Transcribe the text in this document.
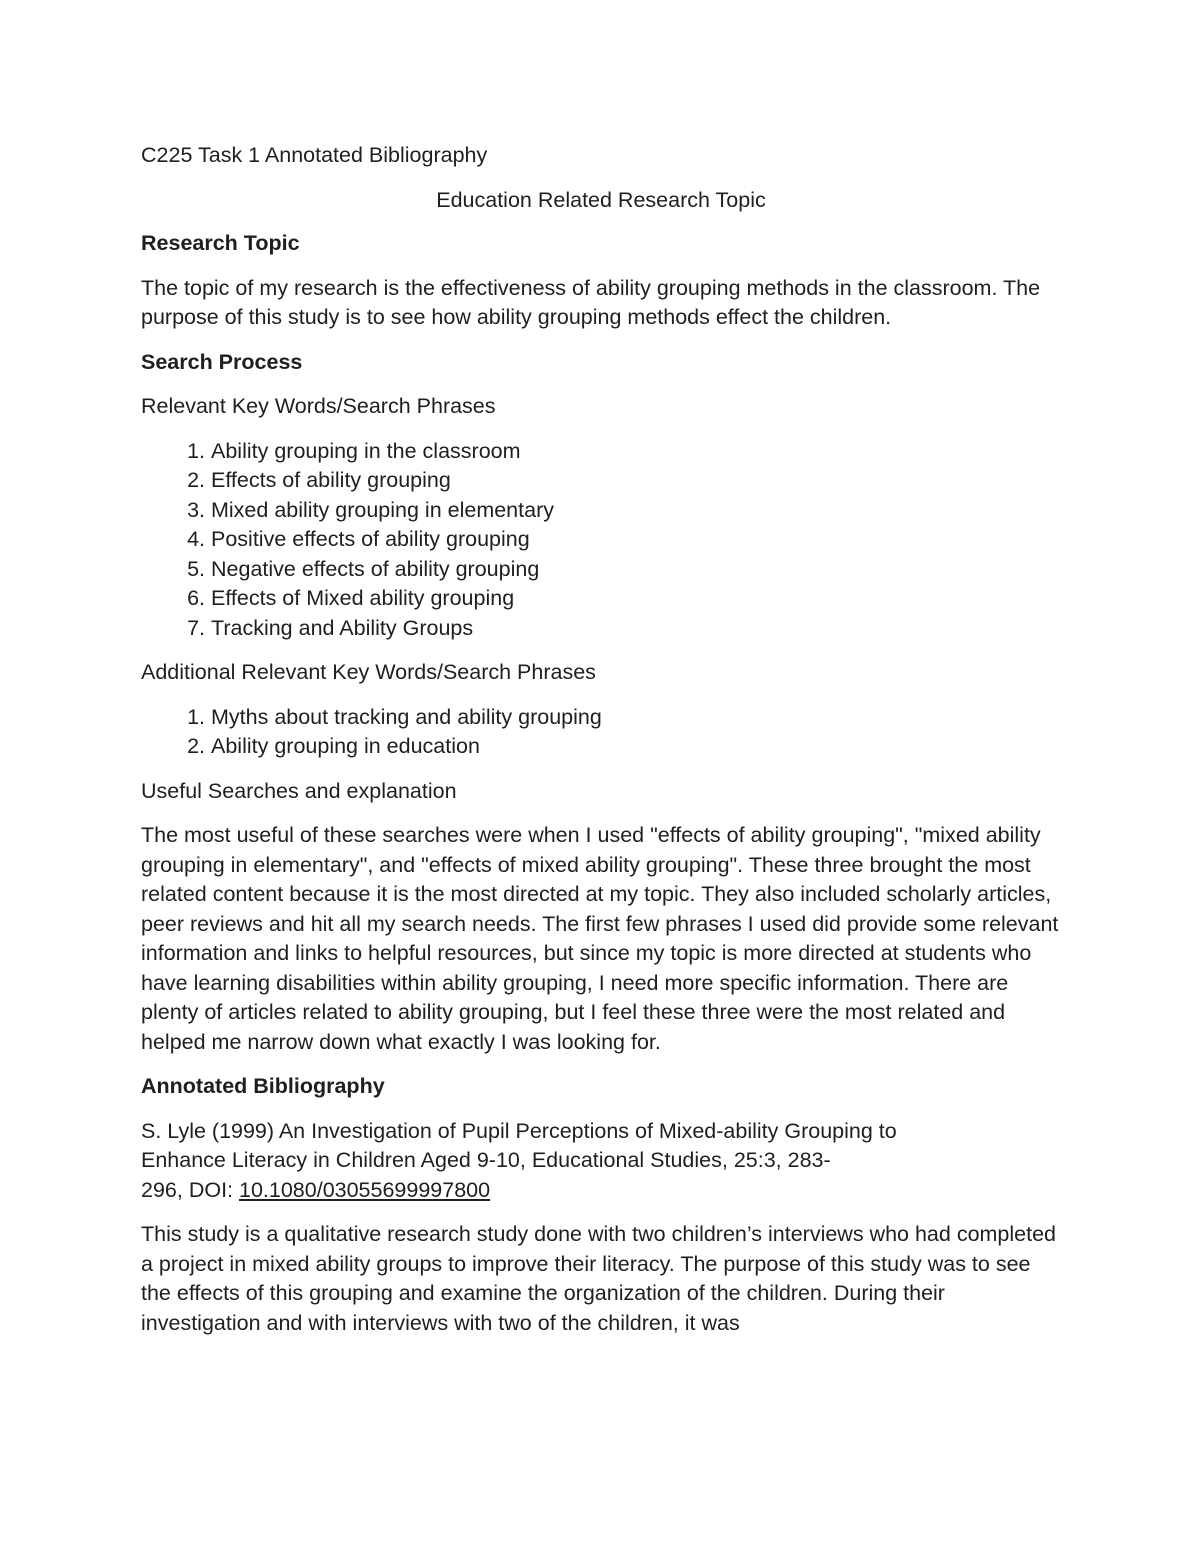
C225 Task 1 Annotated Bibliography

Education Related Research Topic

Research Topic

The topic of my research is the effectiveness of ability grouping methods in the classroom. The purpose of this study is to see how ability grouping methods effect the children.

Search Process

Relevant Key Words/Search Phrases

1. Ability grouping in the classroom
2. Effects of ability grouping
3. Mixed ability grouping in elementary
4. Positive effects of ability grouping
5. Negative effects of ability grouping
6. Effects of Mixed ability grouping
7. Tracking and Ability Groups

Additional Relevant Key Words/Search Phrases

1. Myths about tracking and ability grouping
2. Ability grouping in education

Useful Searches and explanation

The most useful of these searches were when I used "effects of ability grouping", "mixed ability grouping in elementary", and "effects of mixed ability grouping". These three brought the most related content because it is the most directed at my topic. They also included scholarly articles, peer reviews and hit all my search needs. The first few phrases I used did provide some relevant information and links to helpful resources, but since my topic is more directed at students who have learning disabilities within ability grouping, I need more specific information. There are plenty of articles related to ability grouping, but I feel these three were the most related and helped me narrow down what exactly I was looking for.

Annotated Bibliography

S. Lyle (1999) An Investigation of Pupil Perceptions of Mixed-ability Grouping to
Enhance Literacy in Children Aged 9-10, Educational Studies, 25:3, 283-
296, DOI: 10.1080/03055699997800

This study is a qualitative research study done with two children’s interviews who had completed a project in mixed ability groups to improve their literacy. The purpose of this study was to see the effects of this grouping and examine the organization of the children. During their investigation and with interviews with two of the children, it was
